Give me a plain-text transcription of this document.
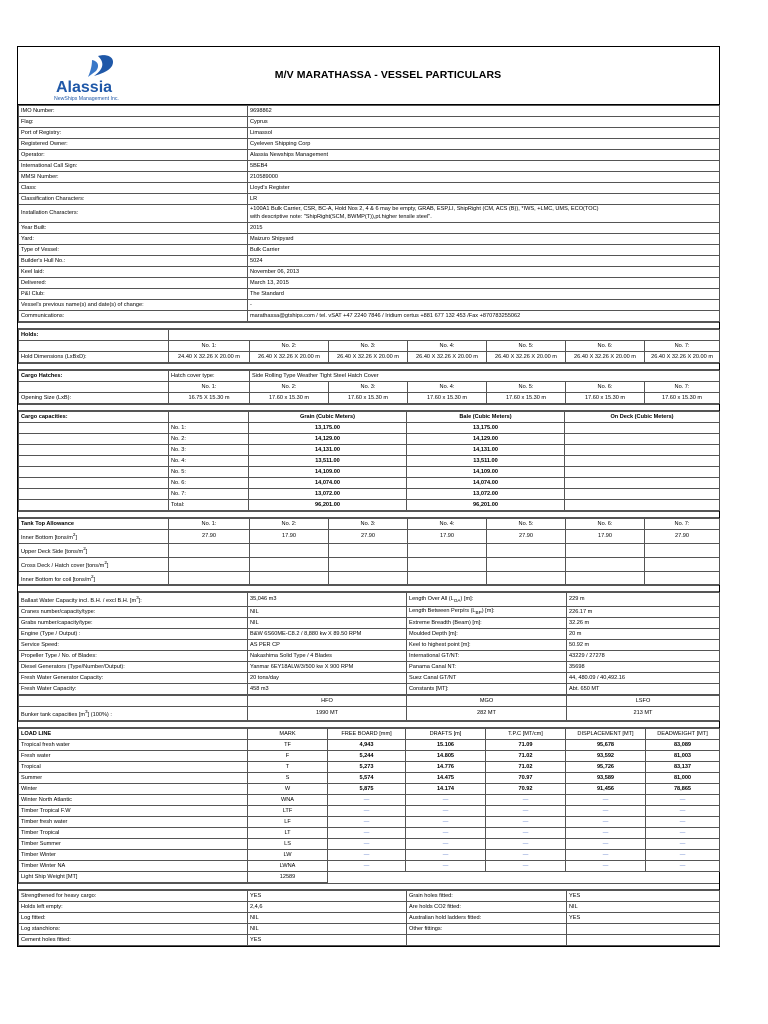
Alassia
NewShips Management Inc.
M/V MARATHASSA - VESSEL PARTICULARS
IMO Number:	9698862
Flag:	Cyprus
Port of Registry:	Limassol
Registered Owner:	Cyeleven Shipping Corp
Operator:	Alassia Newships Management
International Call Sign:	5BEB4
MMSI Number:	210589000
Class:	Lloyd's Register
Classification Characters:	LR
Installation Characters:	+100A1 Bulk Carrier, CSR, BC-A, Hold Nos 2, 4 & 6 may be empty, GRAB, ESP,LI, ShipRight (CM, ACS (B)), *IWS, +LMC, UMS, ECO(TOC)
with descriptive note: "ShipRight(SCM, BWMP(T)),pt.higher tensile steel".
Year Built:	2015
Yard:	Maizuro Shipyard
Type of Vessel:	Bulk Carrier
Builder's Hull No.:	5024
Keel laid:	November 06, 2013
Delivered:	March 13, 2015
P&I Club:	The Standard
Vessel's previous name(s) and date(s) of change:	-
Communications:	marathassa@gtships.com / tel. vSAT +47 2240 7846 / Iridium certus +881 677 132 453 /Fax +870783255062
Holds:							
	No. 1:	No. 2:	No. 3:	No. 4:	No. 5:	No. 6:	No. 7:
Hold Dimensions (LxBxD):	24.40 X 32.26 X 20.00 m	26.40 X 32.26 X 20.00 m	26.40 X 32.26 X 20.00 m	26.40 X 32.26 X 20.00 m	26.40 X 32.26 X 20.00 m	26.40 X 32.26 X 20.00 m	26.40 X 32.26 X 20.00 m
Cargo Hatches:	Hatch cover type:	Side Rolling Type Weather Tight Steel Hatch Cover					
	No. 1:	No. 2:	No. 3:	No. 4:	No. 5:	No. 6:	No. 7:
Opening Size (LxB):	16.75 X 15.30 m	17.60 x 15.30 m	17.60 x 15.30 m	17.60 x 15.30 m	17.60 x 15.30 m	17.60 x 15.30 m	17.60 x 15.30 m
Cargo capacities:		Grain (Cubic Meters)	Bale (Cubic Meters)	On Deck (Cubic Meters)
	No. 1:	13,175.00	13,175.00	
	No. 2:	14,129.00	14,129.00	
	No. 3:	14,131.00	14,131.00	
	No. 4:	13,511.00	13,511.00	
	No. 5:	14,109.00	14,109.00	
	No. 6:	14,074.00	14,074.00	
	No. 7:	13,072.00	13,072.00	
	Total:	96,201.00	96,201.00	
Tank Top Allowance	No. 1:	No. 2:	No. 3:	No. 4:	No. 5:	No. 6:	No. 7:
Inner Bottom $[tons/m^2]$	27.90	17.90	27.90	17.90	27.90	17.90	27.90
Upper Deck Side $[tons/m^2]$							
Cross Deck / Hatch cover $[tons/m^2]$							
Inner Bottom for coil $[tons/m^2]$							
Ballast Water Capacity incl. B.H. / excl B.H. $[m^3]$:	35,046 m3	Length Over All $(L_{OA})$ [m]:	229 m
Cranes number/capacity/type:	NIL	Length Between Perp/rs $(L_{BP})$ [m]:	226.17 m
Grabs number/capacity/type:	NIL	Extreme Breadth (Beam) [m]:	32.26 m
Engine (Type / Output) :	B&W 6S60ME-C8.2 / 8,880 kw X 89.50 RPM	Moulded Depth [m]:	20 m
Service Speed:	AS PER CP	Keel to highest point [m]:	50.92 m
Propeller Type / No. of Blades:	Nakashima Solid Type / 4 Blades	International GT/NT:	43229 / 27278
Diesel Generators (Type/Number/Output):	Yanmar 6EY18ALW/3/500 kw X 900 RPM	Panama Canal NT:	35698
Fresh Water Generator Capacity:	20 tons/day	Suez Canal GT/NT	44, 480.09 / 40,492.16
Fresh Water Capacity:	458 m3	Constants [MT]:	Abt. 650 MT
	HFO	MGO	LSFO
Bunker tank capacities $[m^3]$ (100%) :	1990 MT	282 MT	213 MT
LOAD LINE	MARK	FREE BOARD [mm]	DRAFTS [m]	T.P.C [MT/cm]	DISPLACEMENT [MT]	DEADWEIGHT [MT]
Tropical fresh water	TF	4,943	15.106	71.09	95,678	83,089
Fresh water	F	5,244	14.805	71.02	93,592	81,003
Tropical	T	5,273	14.776	71.02	95,726	83,137
Summer	S	5,574	14.475	70.97	93,589	81,000
Winter	W	5,875	14.174	70.92	91,456	78,865
Winter North Atlantic	WNA	—	—	—	—	—
Timber Tropical F.W	LTF	—	—	—	—	—
Timber fresh water	LF	—	—	—	—	—
Timber Tropical	LT	—	—	—	—	—
Timber Summer	LS	—	—	—	—	—
Timber Winter	LW	—	—	—	—	—
Timber Winter NA	LWNA	—	—	—	—	—
Light Ship Weight [MT]	12589					
Strengthened for heavy cargo:	YES	Grain holes fitted:	YES
Holds left empty:	2,4,6	Are holds CO2 fitted:	NIL
Log fitted:	NIL	Australian hold ladders fitted:	YES
Log stanchions:	NIL	Other fittings:	
Cement holes fitted:	YES		
